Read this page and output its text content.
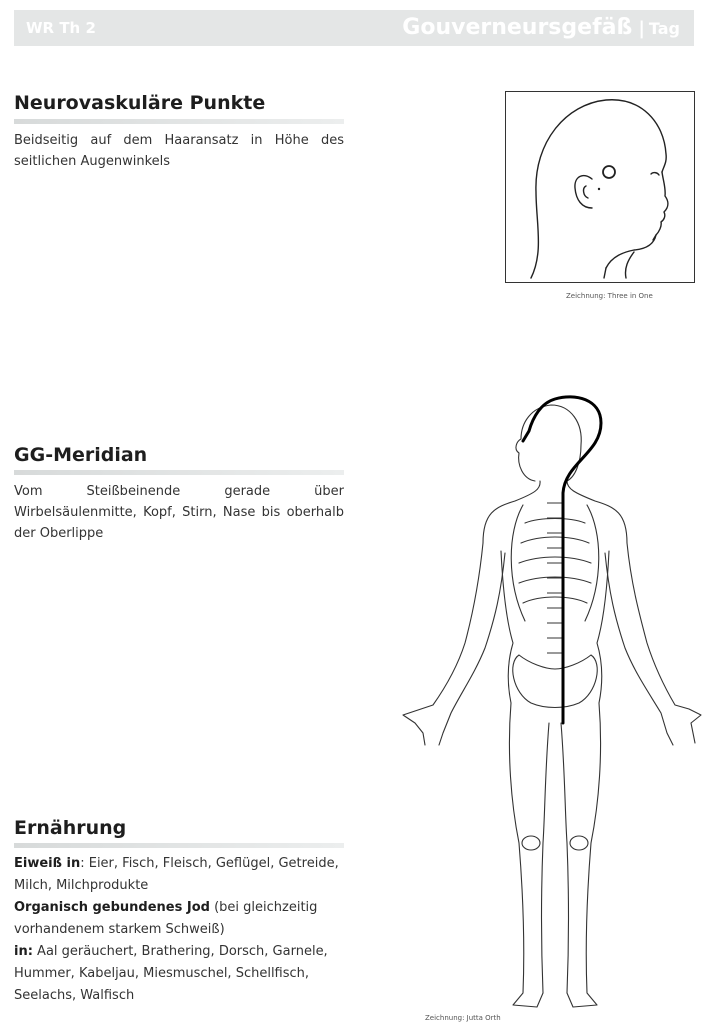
WR Th 2	Gouverneursgefäß | Tag
Neurovaskuläre Punkte
Beidseitig auf dem Haaransatz in Höhe des seitlichen Augenwinkels
Zeichnung: Three in One
GG-Meridian
Vom Steißbeinende gerade über Wirbelsäulenmitte, Kopf, Stirn, Nase bis oberhalb der Oberlippe
Zeichnung: Jutta Orth
Ernährung
Eiweiß in: Eier, Fisch, Fleisch, Geflügel, Getreide, Milch, Milchprodukte
Organisch gebundenes Jod (bei gleichzeitig vorhandenem starkem Schweiß)
in: Aal geräuchert, Brathering, Dorsch, Garnele, Hummer, Kabeljau, Miesmuschel, Schellfisch, Seelachs, Walfisch
